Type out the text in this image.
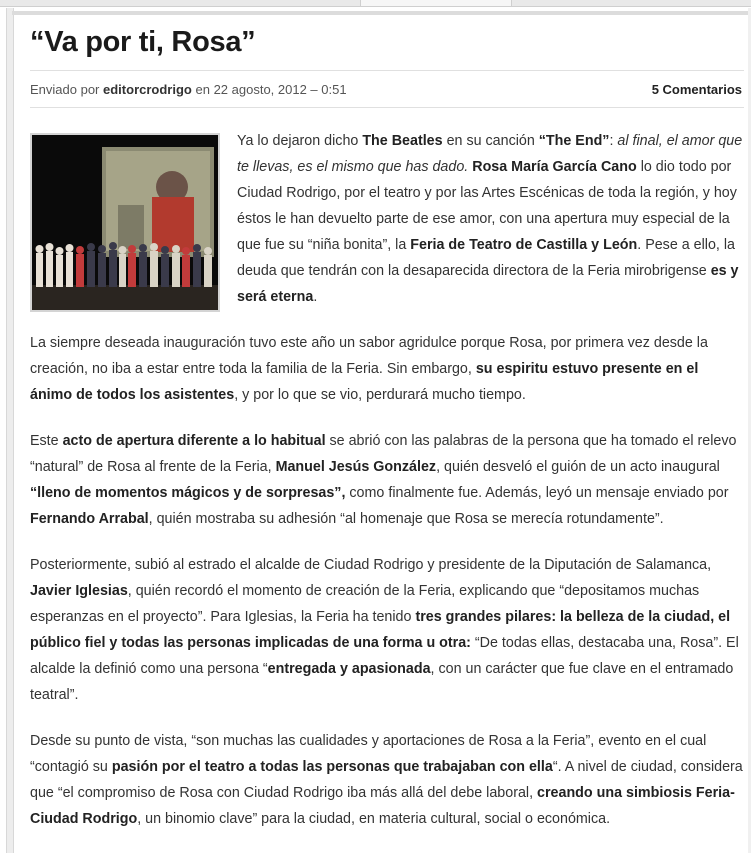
“Va por ti, Rosa”
Enviado por editorcrodrigo en 22 agosto, 2012 – 0:51	5 Comentarios

Ya lo dejaron dicho The Beatles en su canción “The End”: al final, el amor que te llevas, es el mismo que has dado. Rosa María García Cano lo dio todo por Ciudad Rodrigo, por el teatro y por las Artes Escénicas de toda la región, y hoy éstos le han devuelto parte de ese amor, con una apertura muy especial de la que fue su “niña bonita”, la Feria de Teatro de Castilla y León. Pese a ello, la deuda que tendrán con la desaparecida directora de la Feria mirobrigense es y será eterna.

La siempre deseada inauguración tuvo este año un sabor agridulce porque Rosa, por primera vez desde la creación, no iba a estar entre toda la familia de la Feria. Sin embargo, su espiritu estuvo presente en el ánimo de todos los asistentes, y por lo que se vio, perdurará mucho tiempo.

Este acto de apertura diferente a lo habitual se abrió con las palabras de la persona que ha tomado el relevo “natural” de Rosa al frente de la Feria, Manuel Jesús González, quién desveló el guión de un acto inaugural “lleno de momentos mágicos y de sorpresas”, como finalmente fue. Además, leyó un mensaje enviado por Fernando Arrabal, quién mostraba su adhesión “al homenaje que Rosa se merecía rotundamente”.

Posteriormente, subió al estrado el alcalde de Ciudad Rodrigo y presidente de la Diputación de Salamanca, Javier Iglesias, quién recordó el momento de creación de la Feria, explicando que “depositamos muchas esperanzas en el proyecto”. Para Iglesias, la Feria ha tenido tres grandes pilares: la belleza de la ciudad, el público fiel y todas las personas implicadas de una forma u otra: “De todas ellas, destacaba una, Rosa”. El alcalde la definió como una persona “entregada y apasionada, con un carácter que fue clave en el entramado teatral”.

Desde su punto de vista, “son muchas las cualidades y aportaciones de Rosa a la Feria”, evento en el cual “contagió su pasión por el teatro a todas las personas que trabajaban con ella“. A nivel de ciudad, considera que “el compromiso de Rosa con Ciudad Rodrigo iba más allá del debe laboral, creando una simbiosis Feria-Ciudad Rodrigo, un binomio clave” para la ciudad, en materia cultural, social o económica.
